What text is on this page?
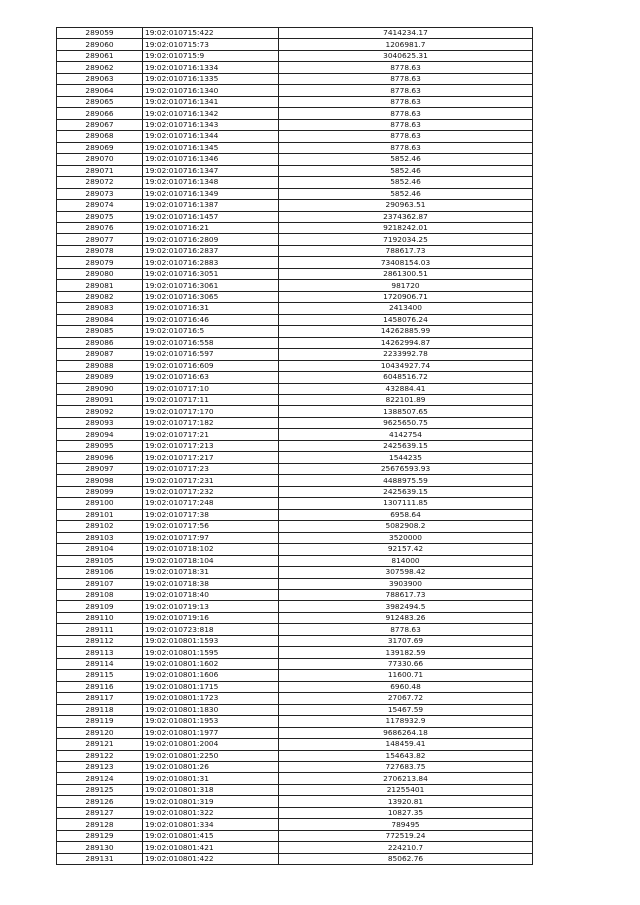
289059	19:02:010715:422	7414234.17
289060	19:02:010715:73	1206981.7
289061	19:02:010715:9	3040625.31
289062	19:02:010716:1334	8778.63
289063	19:02:010716:1335	8778.63
289064	19:02:010716:1340	8778.63
289065	19:02:010716:1341	8778.63
289066	19:02:010716:1342	8778.63
289067	19:02:010716:1343	8778.63
289068	19:02:010716:1344	8778.63
289069	19:02:010716:1345	8778.63
289070	19:02:010716:1346	5852.46
289071	19:02:010716:1347	5852.46
289072	19:02:010716:1348	5852.46
289073	19:02:010716:1349	5852.46
289074	19:02:010716:1387	290963.51
289075	19:02:010716:1457	2374362.87
289076	19:02:010716:21	9218242.01
289077	19:02:010716:2809	7192034.25
289078	19:02:010716:2837	788617.73
289079	19:02:010716:2883	73408154.03
289080	19:02:010716:3051	2861300.51
289081	19:02:010716:3061	981720
289082	19:02:010716:3065	1720906.71
289083	19:02:010716:31	2413400
289084	19:02:010716:46	1458076.24
289085	19:02:010716:5	14262885.99
289086	19:02:010716:558	14262994.87
289087	19:02:010716:597	2233992.78
289088	19:02:010716:609	10434927.74
289089	19:02:010716:63	6048516.72
289090	19:02:010717:10	432884.41
289091	19:02:010717:11	822101.89
289092	19:02:010717:170	1388507.65
289093	19:02:010717:182	9625650.75
289094	19:02:010717:21	4142754
289095	19:02:010717:213	2425639.15
289096	19:02:010717:217	1544235
289097	19:02:010717:23	25676593.93
289098	19:02:010717:231	4488975.59
289099	19:02:010717:232	2425639.15
289100	19:02:010717:248	1307111.85
289101	19:02:010717:38	6958.64
289102	19:02:010717:56	5082908.2
289103	19:02:010717:97	3520000
289104	19:02:010718:102	92157.42
289105	19:02:010718:104	814000
289106	19:02:010718:31	307598.42
289107	19:02:010718:38	3903900
289108	19:02:010718:40	788617.73
289109	19:02:010719:13	3982494.5
289110	19:02:010719:16	912483.26
289111	19:02:010723:818	8778.63
289112	19:02:010801:1593	31707.69
289113	19:02:010801:1595	139182.59
289114	19:02:010801:1602	77330.66
289115	19:02:010801:1606	11600.71
289116	19:02:010801:1715	6960.48
289117	19:02:010801:1723	27067.72
289118	19:02:010801:1830	15467.59
289119	19:02:010801:1953	1178932.9
289120	19:02:010801:1977	9686264.18
289121	19:02:010801:2004	148459.41
289122	19:02:010801:2250	154643.82
289123	19:02:010801:26	727683.75
289124	19:02:010801:31	2706213.84
289125	19:02:010801:318	21255401
289126	19:02:010801:319	13920.81
289127	19:02:010801:322	10827.35
289128	19:02:010801:334	789495
289129	19:02:010801:415	772519.24
289130	19:02:010801:421	224210.7
289131	19:02:010801:422	85062.76
